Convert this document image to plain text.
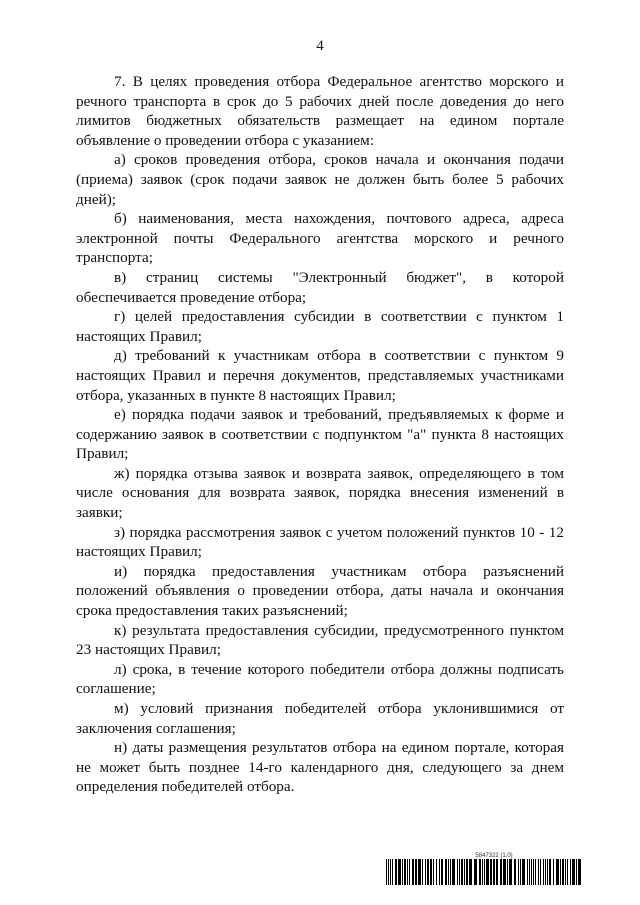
4

7. В целях проведения отбора Федеральное агентство морского и речного транспорта в срок до 5 рабочих дней после доведения до него лимитов бюджетных обязательств размещает на едином портале объявление о проведении отбора с указанием:

а) сроков проведения отбора, сроков начала и окончания подачи (приема) заявок (срок подачи заявок не должен быть более 5 рабочих дней);

б) наименования, места нахождения, почтового адреса, адреса электронной почты Федерального агентства морского и речного транспорта;

в) страниц системы "Электронный бюджет", в которой обеспечивается проведение отбора;

г) целей предоставления субсидии в соответствии с пунктом 1 настоящих Правил;

д) требований к участникам отбора в соответствии с пунктом 9 настоящих Правил и перечня документов, представляемых участниками отбора, указанных в пункте 8 настоящих Правил;

е) порядка подачи заявок и требований, предъявляемых к форме и содержанию заявок в соответствии с подпунктом "а" пункта 8 настоящих Правил;

ж) порядка отзыва заявок и возврата заявок, определяющего в том числе основания для возврата заявок, порядка внесения изменений в заявки;

з) порядка рассмотрения заявок с учетом положений пунктов 10 - 12 настоящих Правил;

и) порядка предоставления участникам отбора разъяснений положений объявления о проведении отбора, даты начала и окончания срока предоставления таких разъяснений;

к) результата предоставления субсидии, предусмотренного пунктом 23 настоящих Правил;

л) срока, в течение которого победители отбора должны подписать соглашение;

м) условий признания победителей отбора уклонившимися от заключения соглашения;

н) даты размещения результатов отбора на едином портале, которая не может быть позднее 14-го календарного дня, следующего за днем определения победителей отбора.

5847322 (1.0)
